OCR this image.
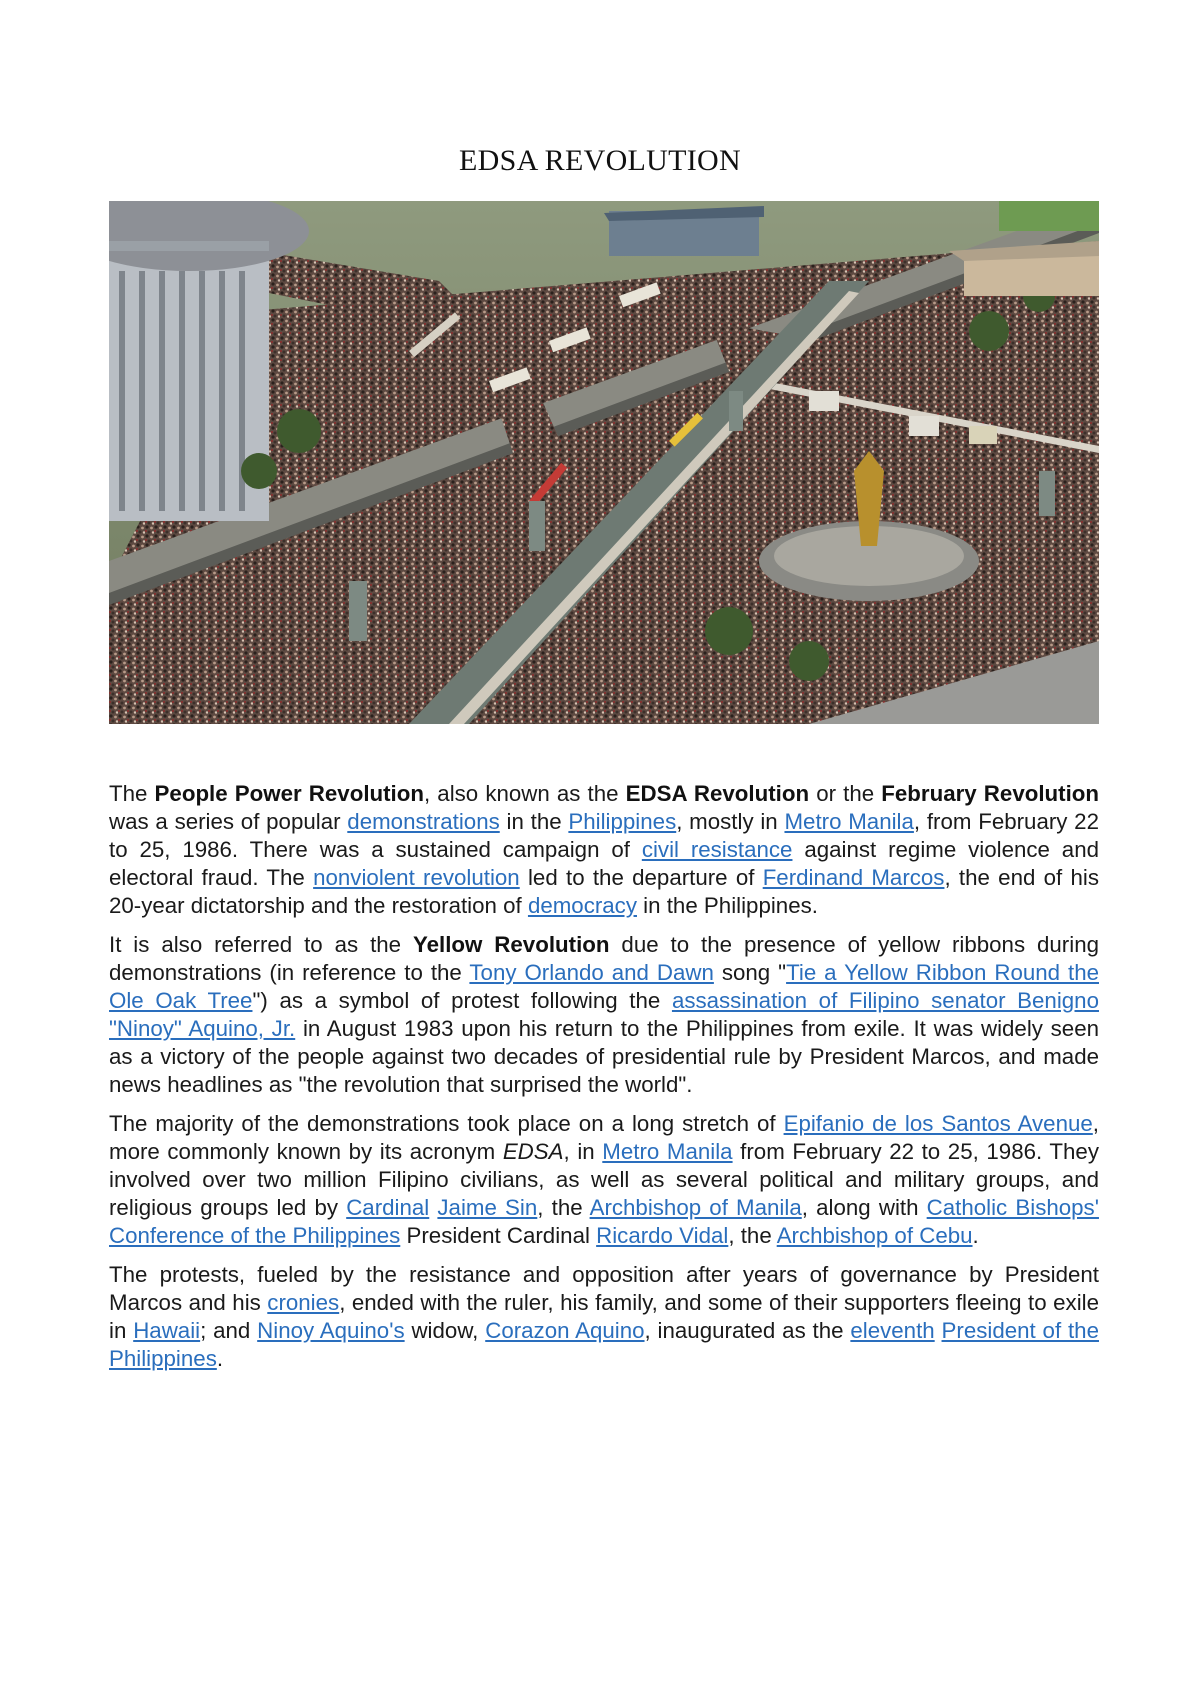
EDSA REVOLUTION

The People Power Revolution, also known as the EDSA Revolution or the February Revolution was a series of popular demonstrations in the Philippines, mostly in Metro Manila, from February 22 to 25, 1986. There was a sustained campaign of civil resistance against regime violence and electoral fraud. The nonviolent revolution led to the departure of Ferdinand Marcos, the end of his 20-year dictatorship and the restoration of democracy in the Philippines.

It is also referred to as the Yellow Revolution due to the presence of yellow ribbons during demonstrations (in reference to the Tony Orlando and Dawn song "Tie a Yellow Ribbon Round the Ole Oak Tree") as a symbol of protest following the assassination of Filipino senator Benigno "Ninoy" Aquino, Jr. in August 1983 upon his return to the Philippines from exile. It was widely seen as a victory of the people against two decades of presidential rule by President Marcos, and made news headlines as "the revolution that surprised the world".

The majority of the demonstrations took place on a long stretch of Epifanio de los Santos Avenue, more commonly known by its acronym EDSA, in Metro Manila from February 22 to 25, 1986. They involved over two million Filipino civilians, as well as several political and military groups, and religious groups led by Cardinal Jaime Sin, the Archbishop of Manila, along with Catholic Bishops' Conference of the Philippines President Cardinal Ricardo Vidal, the Archbishop of Cebu.

The protests, fueled by the resistance and opposition after years of governance by President Marcos and his cronies, ended with the ruler, his family, and some of their supporters fleeing to exile in Hawaii; and Ninoy Aquino's widow, Corazon Aquino, inaugurated as the eleventh President of the Philippines.
